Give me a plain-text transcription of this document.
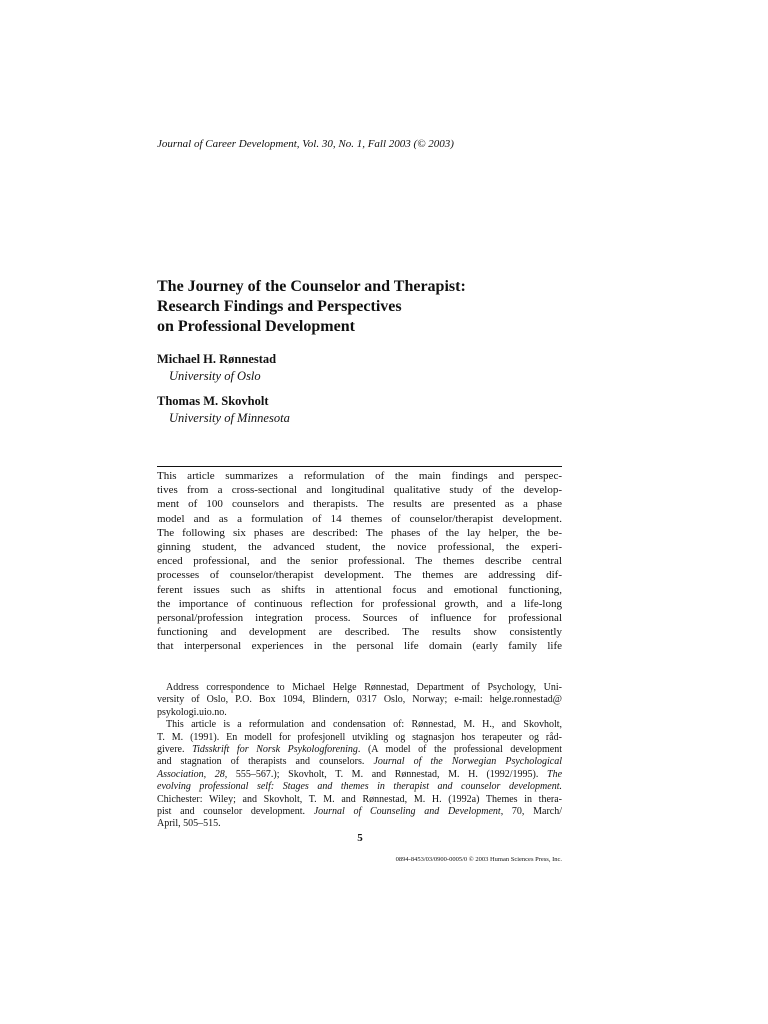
Journal of Career Development, Vol. 30, No. 1, Fall 2003 (© 2003)
The Journey of the Counselor and Therapist:
Research Findings and Perspectives
on Professional Development
Michael H. Rønnestad
University of Oslo
Thomas M. Skovholt
University of Minnesota
This article summarizes a reformulation of the main findings and perspec-
tives from a cross-sectional and longitudinal qualitative study of the develop-
ment of 100 counselors and therapists. The results are presented as a phase
model and as a formulation of 14 themes of counselor/therapist development.
The following six phases are described: The phases of the lay helper, the be-
ginning student, the advanced student, the novice professional, the experi-
enced professional, and the senior professional. The themes describe central
processes of counselor/therapist development. The themes are addressing dif-
ferent issues such as shifts in attentional focus and emotional functioning,
the importance of continuous reflection for professional growth, and a life-long
personal/profession integration process. Sources of influence for professional
functioning and development are described. The results show consistently
that interpersonal experiences in the personal life domain (early family life
Address correspondence to Michael Helge Rønnestad, Department of Psychology, Uni-
versity of Oslo, P.O. Box 1094, Blindern, 0317 Oslo, Norway; e-mail: helge.ronnestad@
psykologi.uio.no.
This article is a reformulation and condensation of: Rønnestad, M. H., and Skovholt,
T. M. (1991). En modell for profesjonell utvikling og stagnasjon hos terapeuter og råd-
givere. Tidsskrift for Norsk Psykologforening. (A model of the professional development
and stagnation of therapists and counselors. Journal of the Norwegian Psychological
Association, 28, 555–567.); Skovholt, T. M. and Rønnestad, M. H. (1992/1995). The
evolving professional self: Stages and themes in therapist and counselor development.
Chichester: Wiley; and Skovholt, T. M. and Rønnestad, M. H. (1992a) Themes in thera-
pist and counselor development. Journal of Counseling and Development, 70, March/
April, 505–515.
5
0894-8453/03/0900-0005/0 © 2003 Human Sciences Press, Inc.
